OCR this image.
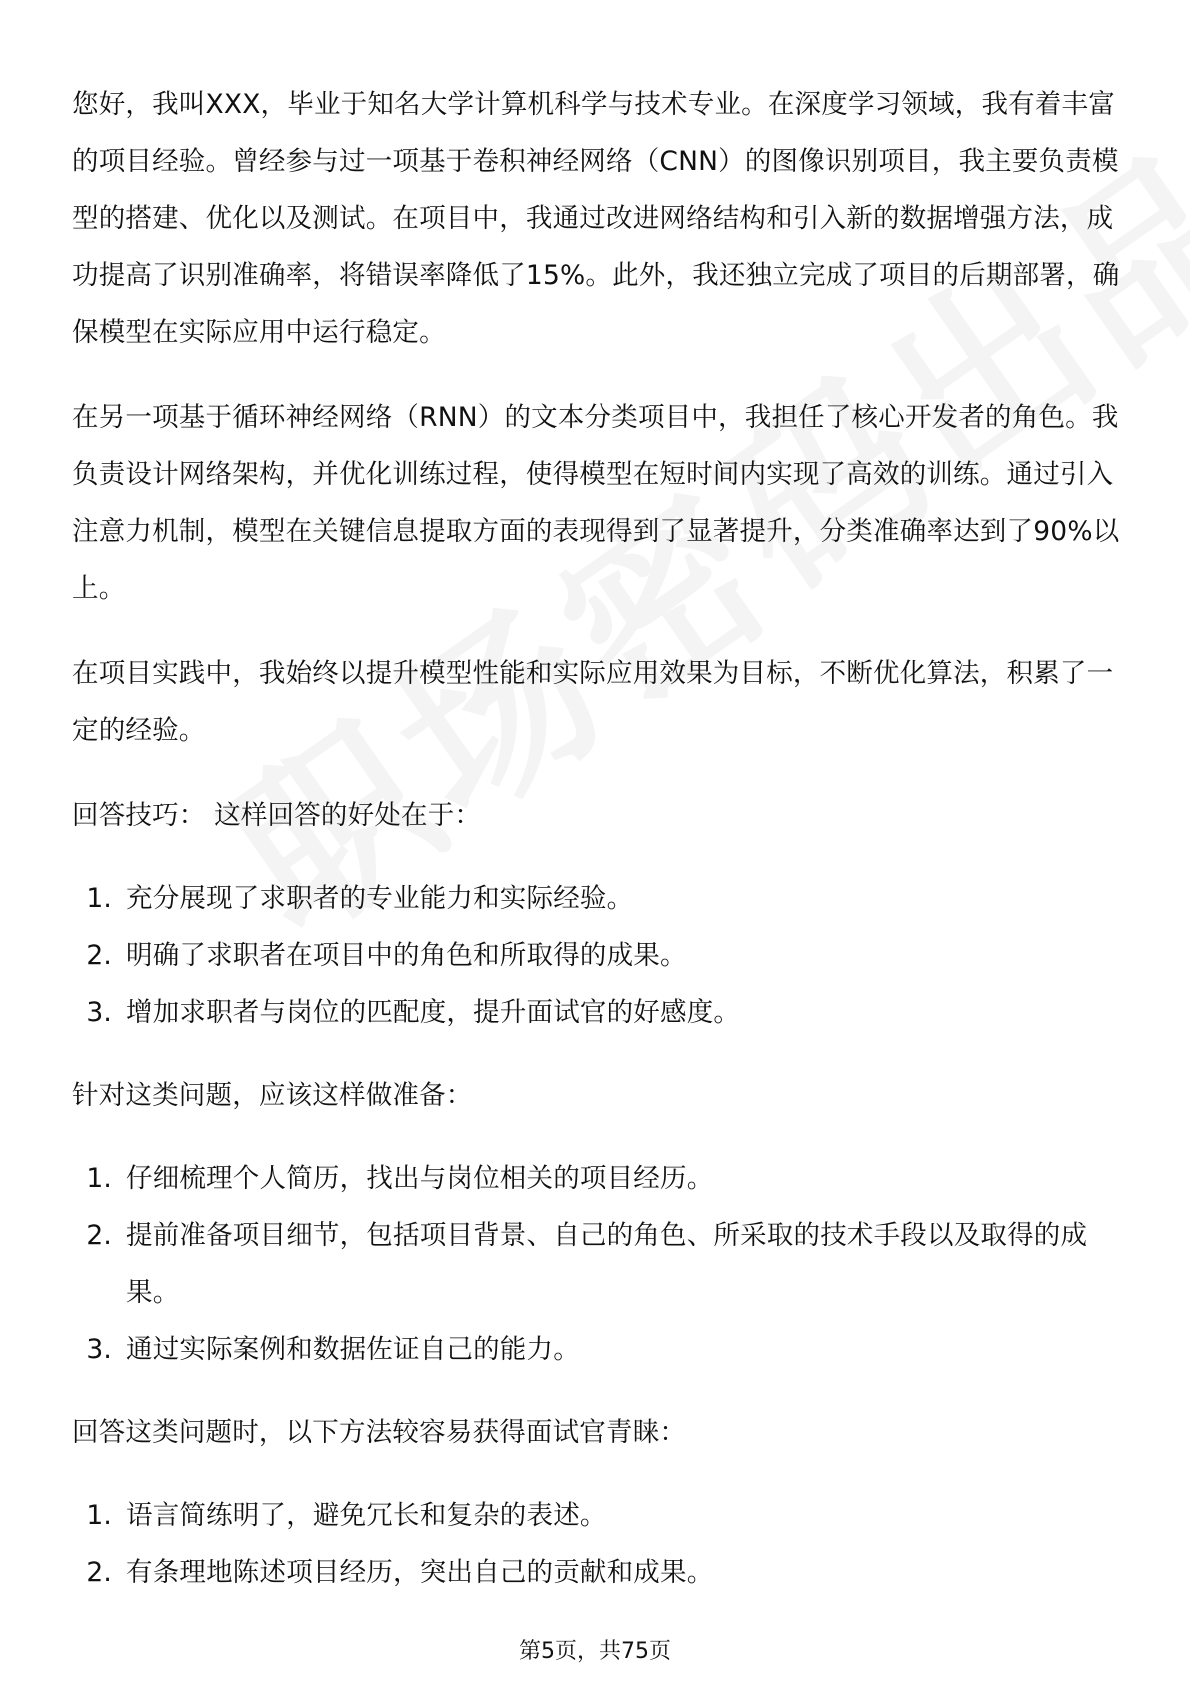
您好，我叫XXX，毕业于知名大学计算机科学与技术专业。在深度学习领域，我有着丰富的项目经验。曾经参与过一项基于卷积神经网络（CNN）的图像识别项目，我主要负责模型的搭建、优化以及测试。在项目中，我通过改进网络结构和引入新的数据增强方法，成功提高了识别准确率，将错误率降低了15%。此外，我还独立完成了项目的后期部署，确保模型在实际应用中运行稳定。

在另一项基于循环神经网络（RNN）的文本分类项目中，我担任了核心开发者的角色。我负责设计网络架构，并优化训练过程，使得模型在短时间内实现了高效的训练。通过引入注意力机制，模型在关键信息提取方面的表现得到了显著提升，分类准确率达到了90%以上。

在项目实践中，我始终以提升模型性能和实际应用效果为目标，不断优化算法，积累了一定的经验。

回答技巧： 这样回答的好处在于：

1. 充分展现了求职者的专业能力和实际经验。
2. 明确了求职者在项目中的角色和所取得的成果。
3. 增加求职者与岗位的匹配度，提升面试官的好感度。

针对这类问题，应该这样做准备：

1. 仔细梳理个人简历，找出与岗位相关的项目经历。
2. 提前准备项目细节，包括项目背景、自己的角色、所采取的技术手段以及取得的成果。
3. 通过实际案例和数据佐证自己的能力。

回答这类问题时，以下方法较容易获得面试官青睐：

1. 语言简练明了，避免冗长和复杂的表述。
2. 有条理地陈述项目经历，突出自己的贡献和成果。
第5页，共75页
